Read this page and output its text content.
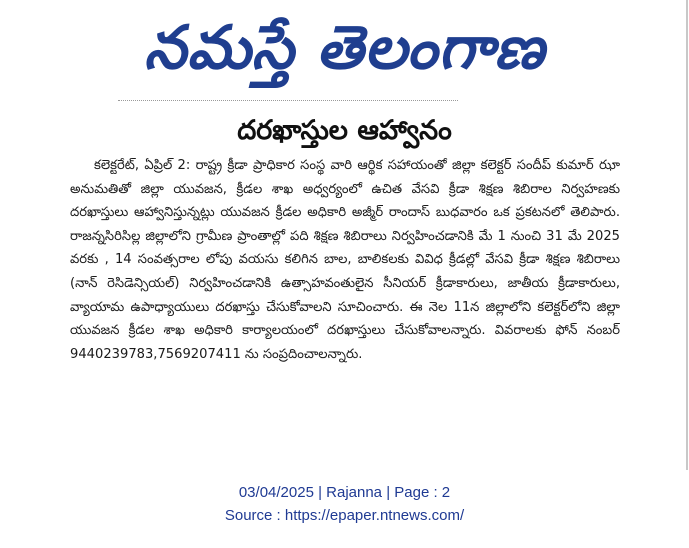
నమస్తే తెలంగాణ
దరఖాస్తుల ఆహ్వానం
కలెక్టరేట్, ఏప్రిల్ 2: రాష్ట్ర క్రీడా ప్రాధికార సంస్థ వారి ఆర్థిక సహాయంతో జిల్లా కలెక్టర్ సందీప్ కుమార్ ఝా అనుమతితో జిల్లా యువజన, క్రీడల శాఖ అధ్వర్యంలో ఉచిత వేసవి క్రీడా శిక్షణ శిబిరాల నిర్వహణకు దరఖాస్తులు ఆహ్వానిస్తున్నట్లు యువజన క్రీడల అధికారి అజ్మీర్ రాందాస్ బుధవారం ఒక ప్రకటనలో తెలిపారు. రాజన్నసిరిసిల్ల జిల్లాలోని గ్రామీణ ప్రాంతాల్లో పది శిక్షణ శిబిరాలు నిర్వహించడానికి మే 1 నుంచి 31 మే 2025 వరకు , 14 సంవత్సరాల లోపు వయసు కలిగిన బాల, బాలికలకు వివిధ క్రీడల్లో వేసవి క్రీడా శిక్షణ శిబిరాలు (నాన్ రెసిడెన్సియల్) నిర్వహించడానికి ఉత్సాహవంతులైన సీనియర్ క్రీడాకారులు, జాతీయ క్రీడాకారులు, వ్యాయామ ఉపాధ్యాయులు దరఖాస్తు చేసుకోవాలని సూచించారు. ఈ నెల 11న జిల్లాలోని కలెక్టర్‌లోని జిల్లా యువజన క్రీడల శాఖ అధికారి కార్యాలయంలో దరఖాస్తులు చేసుకోవాలన్నారు. వివరాలకు ఫోన్ నంబర్ 9440239783,7569207411 ను సంప్రదించాలన్నారు.
03/04/2025 | Rajanna | Page : 2
Source : https://epaper.ntnews.com/
